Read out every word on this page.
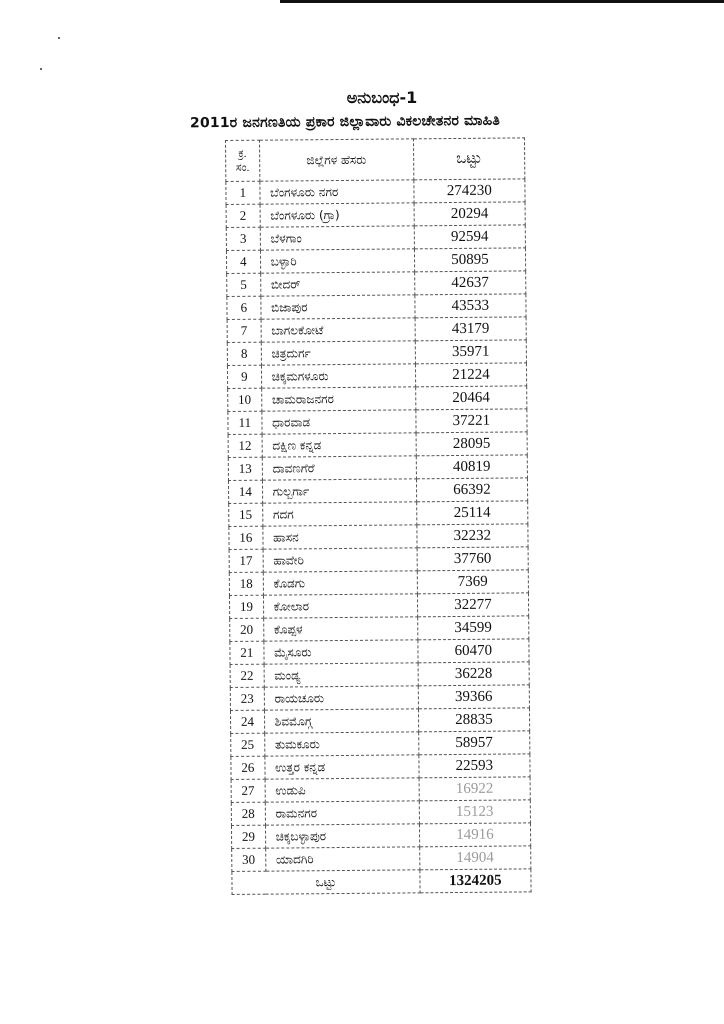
ಅನುಬಂಧ-1
2011ರ ಜನಗಣತಿಯ ಪ್ರಕಾರ ಜಿಲ್ಲಾವಾರು ವಿಕಲಚೇತನರ ಮಾಹಿತಿ
ಕ್ರ.
ಸಂ.	ಜಿಲ್ಲೆಗಳ ಹೆಸರು	ಒಟ್ಟು
1	ಬೆಂಗಳೂರು ನಗರ	274230
2	ಬೆಂಗಳೂರು (ಗ್ರಾ)	20294
3	ಬೆಳಗಾಂ	92594
4	ಬಳ್ಳಾರಿ	50895
5	ಬೀದರ್	42637
6	ಬಿಜಾಪುರ	43533
7	ಬಾಗಲಕೋಟೆ	43179
8	ಚಿತ್ರದುರ್ಗ	35971
9	ಚಿಕ್ಕಮಗಳೂರು	21224
10	ಚಾಮರಾಜನಗರ	20464
11	ಧಾರವಾಡ	37221
12	ದಕ್ಷಿಣ ಕನ್ನಡ	28095
13	ದಾವಣಗೆರೆ	40819
14	ಗುಲ್ಬರ್ಗಾ	66392
15	ಗದಗ	25114
16	ಹಾಸನ	32232
17	ಹಾವೇರಿ	37760
18	ಕೊಡಗು	7369
19	ಕೋಲಾರ	32277
20	ಕೊಪ್ಪಳ	34599
21	ಮೈಸೂರು	60470
22	ಮಂಡ್ಯ	36228
23	ರಾಯಚೂರು	39366
24	ಶಿವಮೊಗ್ಗ	28835
25	ತುಮಕೂರು	58957
26	ಉತ್ತರ ಕನ್ನಡ	22593
27	ಉಡುಪಿ	16922
28	ರಾಮನಗರ	15123
29	ಚಿಕ್ಕಬಳ್ಳಾಪುರ	14916
30	ಯಾದಗಿರಿ	14904
ಒಟ್ಟು		1324205
